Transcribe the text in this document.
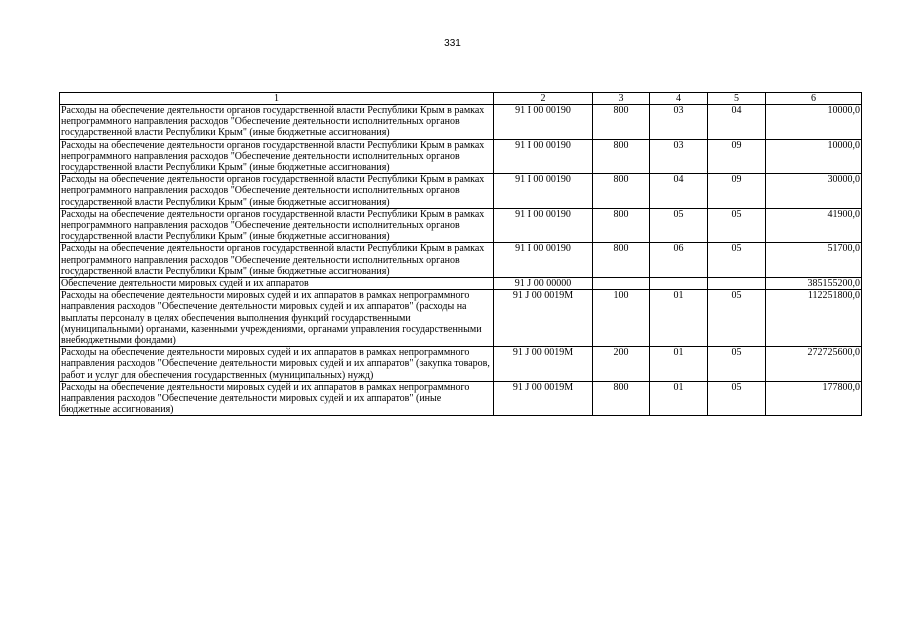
331
1	2	3	4	5	6
Расходы на обеспечение деятельности органов государственной власти Республики Крым в рамках непрограммного направления расходов "Обеспечение деятельности исполнительных органов государственной власти Республики Крым" (иные бюджетные ассигнования)	91 I 00 00190	800	03	04	10000,0
Расходы на обеспечение деятельности органов государственной власти Республики Крым в рамках непрограммного направления расходов "Обеспечение деятельности исполнительных органов государственной власти Республики Крым" (иные бюджетные ассигнования)	91 I 00 00190	800	03	09	10000,0
Расходы на обеспечение деятельности органов государственной власти Республики Крым в рамках непрограммного направления расходов "Обеспечение деятельности исполнительных органов государственной власти Республики Крым" (иные бюджетные ассигнования)	91 I 00 00190	800	04	09	30000,0
Расходы на обеспечение деятельности органов государственной власти Республики Крым в рамках непрограммного направления расходов "Обеспечение деятельности исполнительных органов государственной власти Республики Крым" (иные бюджетные ассигнования)	91 I 00 00190	800	05	05	41900,0
Расходы на обеспечение деятельности органов государственной власти Республики Крым в рамках непрограммного направления расходов "Обеспечение деятельности исполнительных органов государственной власти Республики Крым" (иные бюджетные ассигнования)	91 I 00 00190	800	06	05	51700,0
Обеспечение деятельности мировых судей и их аппаратов	91 J 00 00000				385155200,0
Расходы на обеспечение деятельности мировых судей и их аппаратов в рамках непрограммного направления расходов "Обеспечение деятельности мировых судей и их аппаратов" (расходы на выплаты персоналу в целях обеспечения выполнения функций государственными (муниципальными) органами, казенными учреждениями, органами управления государственными внебюджетными фондами)	91 J 00 0019M	100	01	05	112251800,0
Расходы на обеспечение деятельности мировых судей и их аппаратов в рамках непрограммного направления расходов "Обеспечение деятельности мировых судей и их аппаратов" (закупка товаров, работ и услуг для обеспечения государственных (муниципальных) нужд)	91 J 00 0019M	200	01	05	272725600,0
Расходы на обеспечение деятельности мировых судей и их аппаратов в рамках непрограммного направления расходов "Обеспечение деятельности мировых судей и их аппаратов" (иные бюджетные ассигнования)	91 J 00 0019M	800	01	05	177800,0
